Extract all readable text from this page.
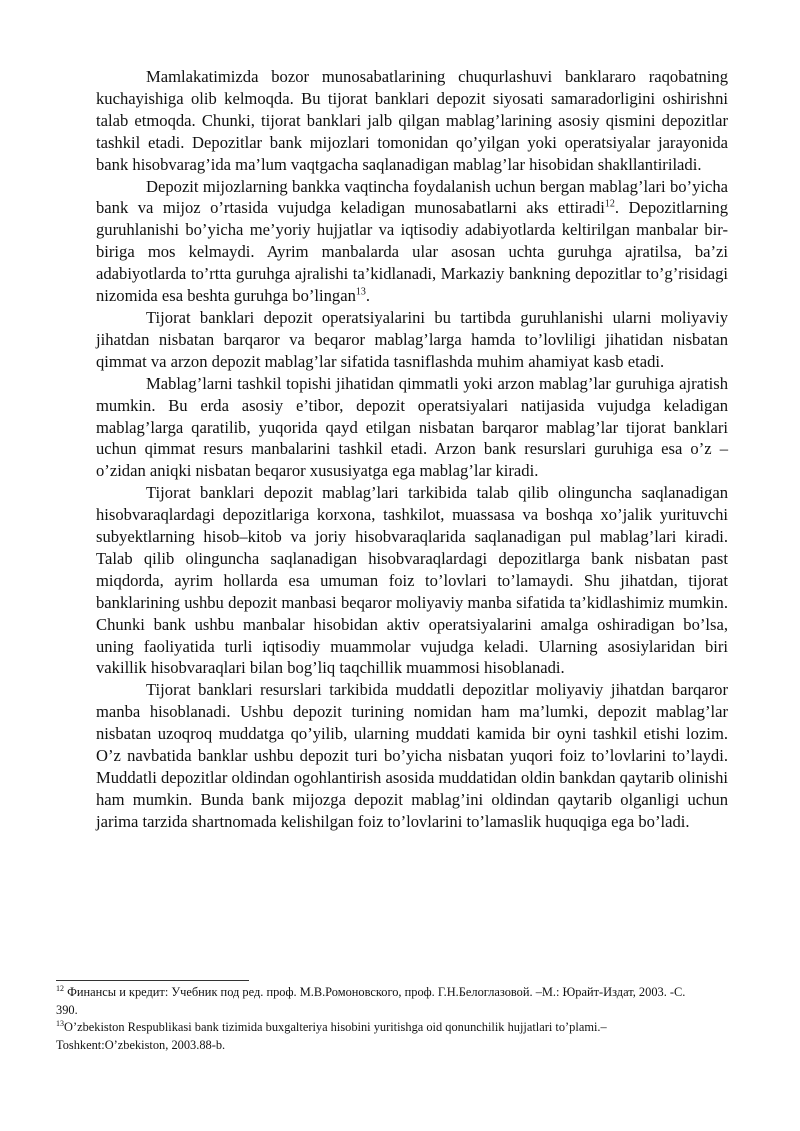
Mamlakatimizda bozor munosabatlarining chuqurlashuvi banklararo raqobatning kuchayishiga olib kelmoqda. Bu tijorat banklari depozit siyosati samaradorligini oshirishni talab etmoqda. Chunki, tijorat banklari jalb qilgan mablag’larining asosiy qismini depozitlar tashkil etadi. Depozitlar bank mijozlari tomonidan qo’yilgan yoki operatsiyalar jarayonida bank hisobvarag’ida ma’lum vaqtgacha saqlanadigan mablag’lar hisobidan shakllantiriladi.

Depozit mijozlarning bankka vaqtincha foydalanish uchun bergan mablag’lari bo’yicha bank va mijoz o’rtasida vujudga keladigan munosabatlarni aks ettiradi$^{12}$. Depozitlarning guruhlanishi bo’yicha me’yoriy hujjatlar va iqtisodiy adabiyotlarda keltirilgan manbalar bir-biriga mos kelmaydi. Ayrim manbalarda ular asosan uchta guruhga ajratilsa, ba’zi adabiyotlarda to’rtta guruhga ajralishi ta’kidlanadi, Markaziy bankning depozitlar to’g’risidagi nizomida esa beshta guruhga bo’lingan$^{13}$.

Tijorat banklari depozit operatsiyalarini bu tartibda guruhlanishi ularni moliyaviy jihatdan nisbatan barqaror va beqaror mablag’larga hamda to’lovliligi jihatidan nisbatan qimmat va arzon depozit mablag’lar sifatida tasniflashda muhim ahamiyat kasb etadi.

Mablag’larni tashkil topishi jihatidan qimmatli yoki arzon mablag’lar guruhiga ajratish mumkin. Bu erda asosiy e’tibor, depozit operatsiyalari natijasida vujudga keladigan mablag’larga qaratilib, yuqorida qayd etilgan nisbatan barqaror mablag’lar tijorat banklari uchun qimmat resurs manbalarini tashkil etadi. Arzon bank resurslari guruhiga esa o’z – o’zidan aniqki nisbatan beqaror xususiyatga ega mablag’lar kiradi.

Tijorat banklari depozit mablag’lari tarkibida talab qilib olinguncha saqlanadigan hisobvaraqlardagi depozitlariga korxona, tashkilot, muassasa va boshqa xo’jalik yurituvchi subyektlarning hisob–kitob va joriy hisobvaraqlarida saqlanadigan pul mablag’lari kiradi. Talab qilib olinguncha saqlanadigan hisobvaraqlardagi depozitlarga bank nisbatan past miqdorda, ayrim hollarda esa umuman foiz to’lovlari to’lamaydi. Shu jihatdan, tijorat banklarining ushbu depozit manbasi beqaror moliyaviy manba sifatida ta’kidlashimiz mumkin. Chunki bank ushbu manbalar hisobidan aktiv operatsiyalarini amalga oshiradigan bo’lsa, uning faoliyatida turli iqtisodiy muammolar vujudga keladi. Ularning asosiylaridan biri vakillik hisobvaraqlari bilan bog’liq taqchillik muammosi hisoblanadi.

Tijorat banklari resurslari tarkibida muddatli depozitlar moliyaviy jihatdan barqaror manba hisoblanadi. Ushbu depozit turining nomidan ham ma’lumki, depozit mablag’lar nisbatan uzoqroq muddatga qo’yilib, ularning muddati kamida bir oyni tashkil etishi lozim. O’z navbatida banklar ushbu depozit turi bo’yicha nisbatan yuqori foiz to’lovlarini to’laydi. Muddatli depozitlar oldindan ogohlantirish asosida muddatidan oldin bankdan qaytarib olinishi ham mumkin. Bunda bank mijozga depozit mablag’ini oldindan qaytarib olganligi uchun jarima tarzida shartnomada kelishilgan foiz to’lovlarini to’lamaslik huquqiga ega bo’ladi.

$^{12}$ Финансы и кредит: Учебник под ред. проф. М.В.Ромоновского, проф. Г.Н.Белоглазовой. –М.: Юрайт-Издат, 2003. -С. 390.

$^{13}$O’zbekiston Respublikasi bank tizimida buxgalteriya hisobini yuritishga oid qonunchilik hujjatlari to’plami.–Toshkent:O’zbekiston, 2003.88-b.
